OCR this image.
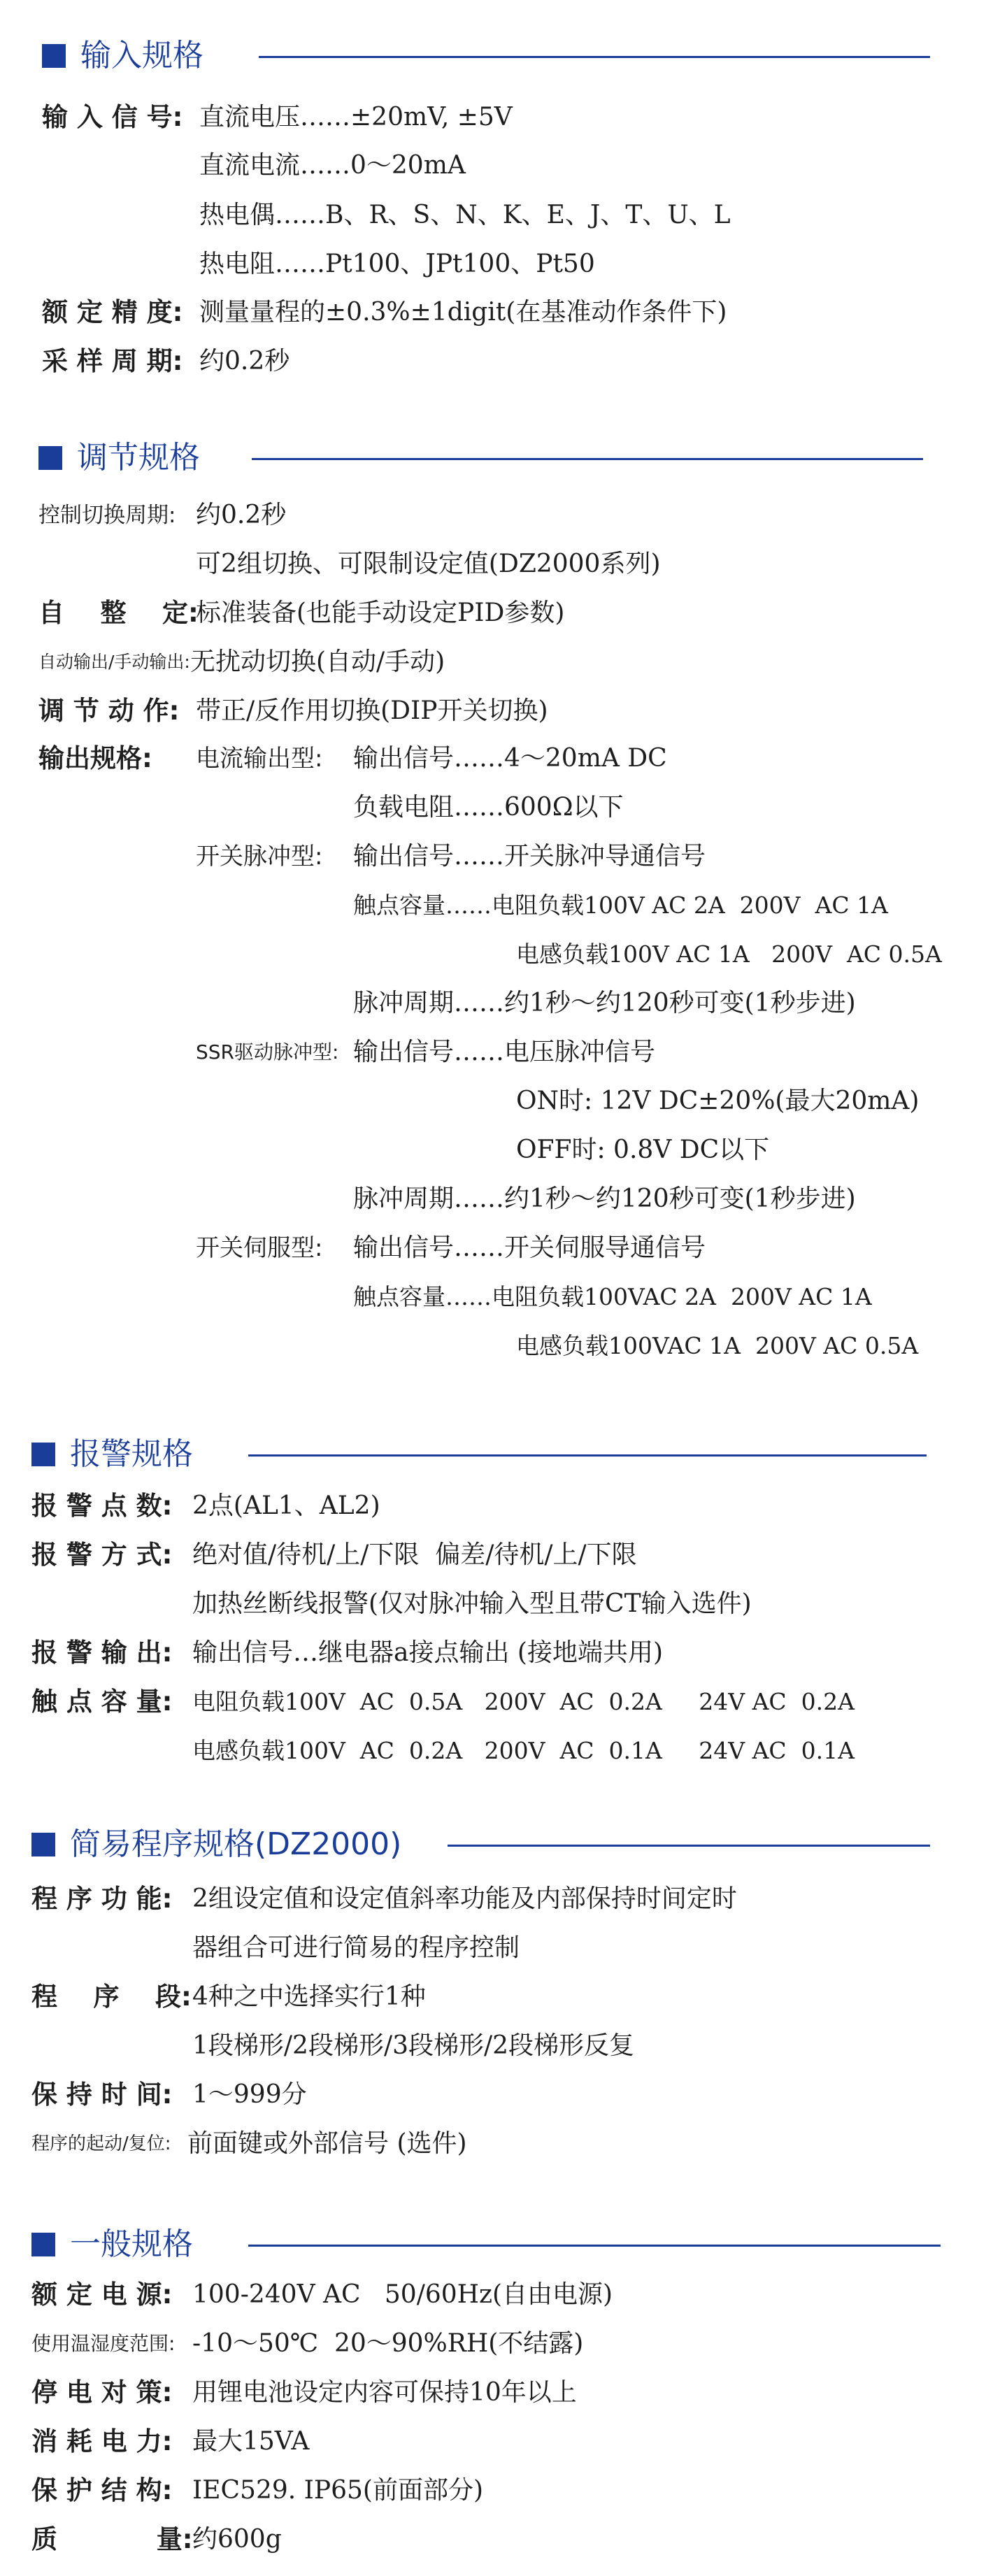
输入规格
输 入 信 号: 直流电压……±20mV, ±5V
直流电流……0～20mA
热电偶……B、R、S、N、K、E、J、T、U、L
热电阻……Pt100、JPt100、Pt50
额 定 精 度: 测量量程的±0.3%±1digit(在基准动作条件下)
采 样 周 期: 约0.2秒
调节规格
控制切换周期: 约0.2秒
可2组切换、可限制设定值(DZ2000系列)
自    整    定:
标准装备(也能手动设定PID参数)
自动输出/手动输出: 无扰动切换(自动/手动)
调 节 动 作: 带正/反作用切换(DIP开关切换)
输出规格: 电流输出型: 输出信号……4～20mA DC
负载电阻……600Ω以下
开关脉冲型: 输出信号……开关脉冲导通信号
触点容量……电阻负载100V AC 2A  200V  AC 1A
电感负载100V AC 1A   200V  AC 0.5A
脉冲周期……约1秒～约120秒可变(1秒步进)
SSR驱动脉冲型: 输出信号……电压脉冲信号
ON时: 12V DC±20%(最大20mA)
OFF时: 0.8V DC以下
脉冲周期……约1秒～约120秒可变(1秒步进)
开关伺服型: 输出信号……开关伺服导通信号
触点容量……电阻负载100VAC 2A  200V AC 1A
电感负载100VAC 1A  200V AC 0.5A
报警规格
报 警 点 数: 2点(AL1、AL2)
报 警 方 式: 绝对值/待机/上/下限  偏差/待机/上/下限
加热丝断线报警(仅对脉冲输入型且带CT输入选件)
报 警 输 出: 输出信号…继电器a接点输出 (接地端共用)
触 点 容 量: 电阻负载100V  AC  0.5A   200V  AC  0.2A     24V AC  0.2A
电感负载100V  AC  0.2A   200V  AC  0.1A     24V AC  0.1A
简易程序规格(DZ2000)
程 序 功 能: 2组设定值和设定值斜率功能及内部保持时间定时
器组合可进行简易的程序控制
程    序    段: 4种之中选择实行1种
1段梯形/2段梯形/3段梯形/2段梯形反复
保 持 时 间: 1～999分
程序的起动/复位: 前面键或外部信号 (选件)
一般规格
额 定 电 源: 100-240V AC   50/60Hz(自由电源)
使用温湿度范围: -10～50℃  20～90%RH(不结露)
停 电 对 策: 用锂电池设定内容可保持10年以上
消 耗 电 力: 最大15VA
保 护 结 构: IEC529. IP65(前面部分)
质           量: 约600g
